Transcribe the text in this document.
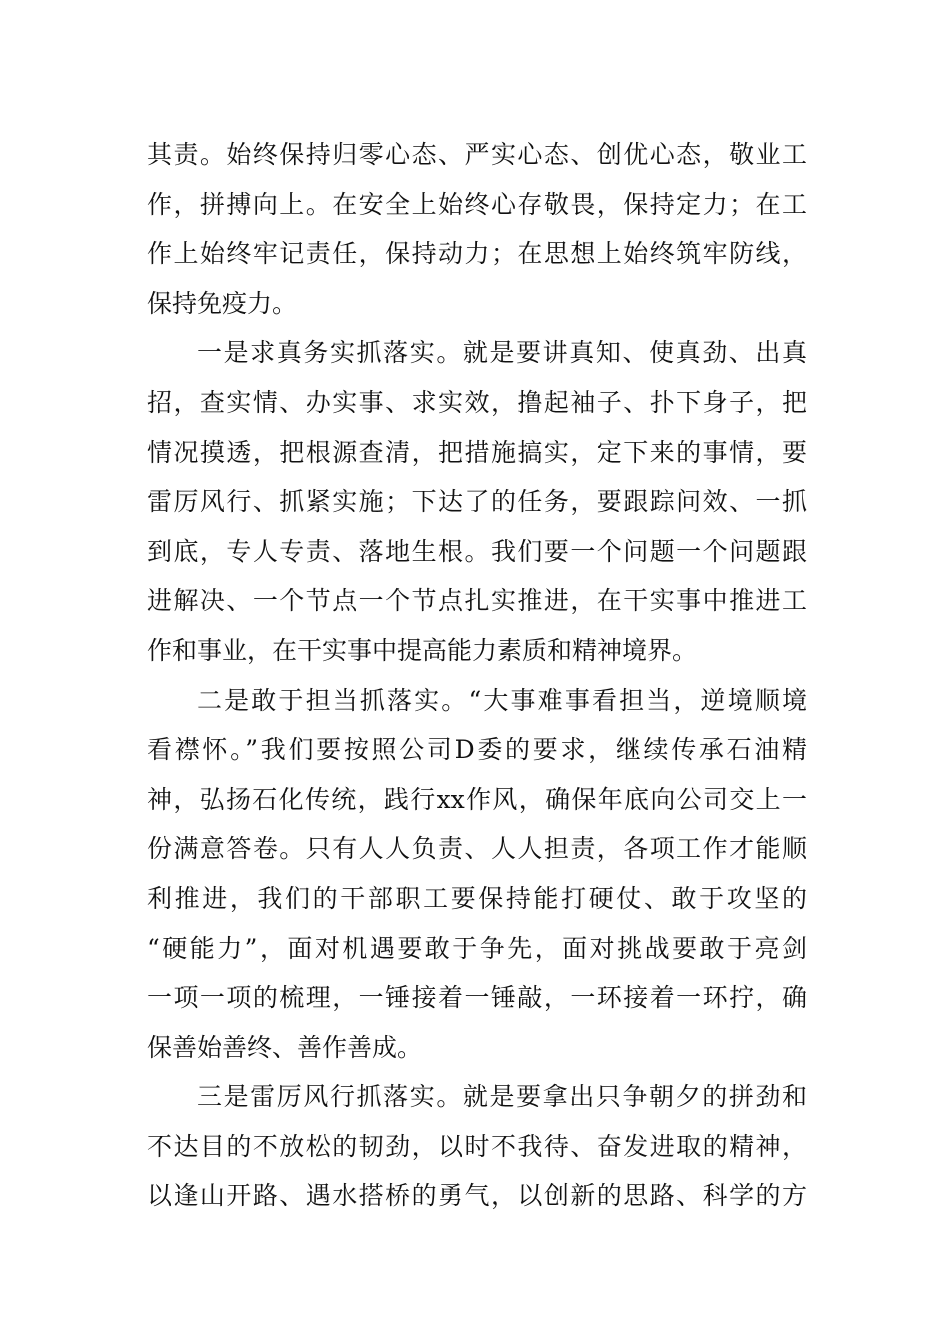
其责。始终保持归零心态、严实心态、创优心态，敬业工
作，拼搏向上。在安全上始终心存敬畏，保持定力；在工
作上始终牢记责任，保持动力；在思想上始终筑牢防线，
保持免疫力。
一是求真务实抓落实。就是要讲真知、使真劲、出真
招，查实情、办实事、求实效，撸起袖子、扑下身子，把
情况摸透，把根源查清，把措施搞实，定下来的事情，要
雷厉风行、抓紧实施；下达了的任务，要跟踪问效、一抓
到底，专人专责、落地生根。我们要一个问题一个问题跟
进解决、一个节点一个节点扎实推进，在干实事中推进工
作和事业，在干实事中提高能力素质和精神境界。
二是敢于担当抓落实。“大事难事看担当，逆境顺境
看襟怀。”我们要按照公司D委的要求，继续传承石油精
神，弘扬石化传统，践行xx作风，确保年底向公司交上一
份满意答卷。只有人人负责、人人担责，各项工作才能顺
利推进，我们的干部职工要保持能打硬仗、敢于攻坚的
“硬能力”，面对机遇要敢于争先，面对挑战要敢于亮剑
一项一项的梳理，一锤接着一锤敲，一环接着一环拧，确
保善始善终、善作善成。
三是雷厉风行抓落实。就是要拿出只争朝夕的拼劲和
不达目的不放松的韧劲，以时不我待、奋发进取的精神，
以逢山开路、遇水搭桥的勇气，以创新的思路、科学的方
